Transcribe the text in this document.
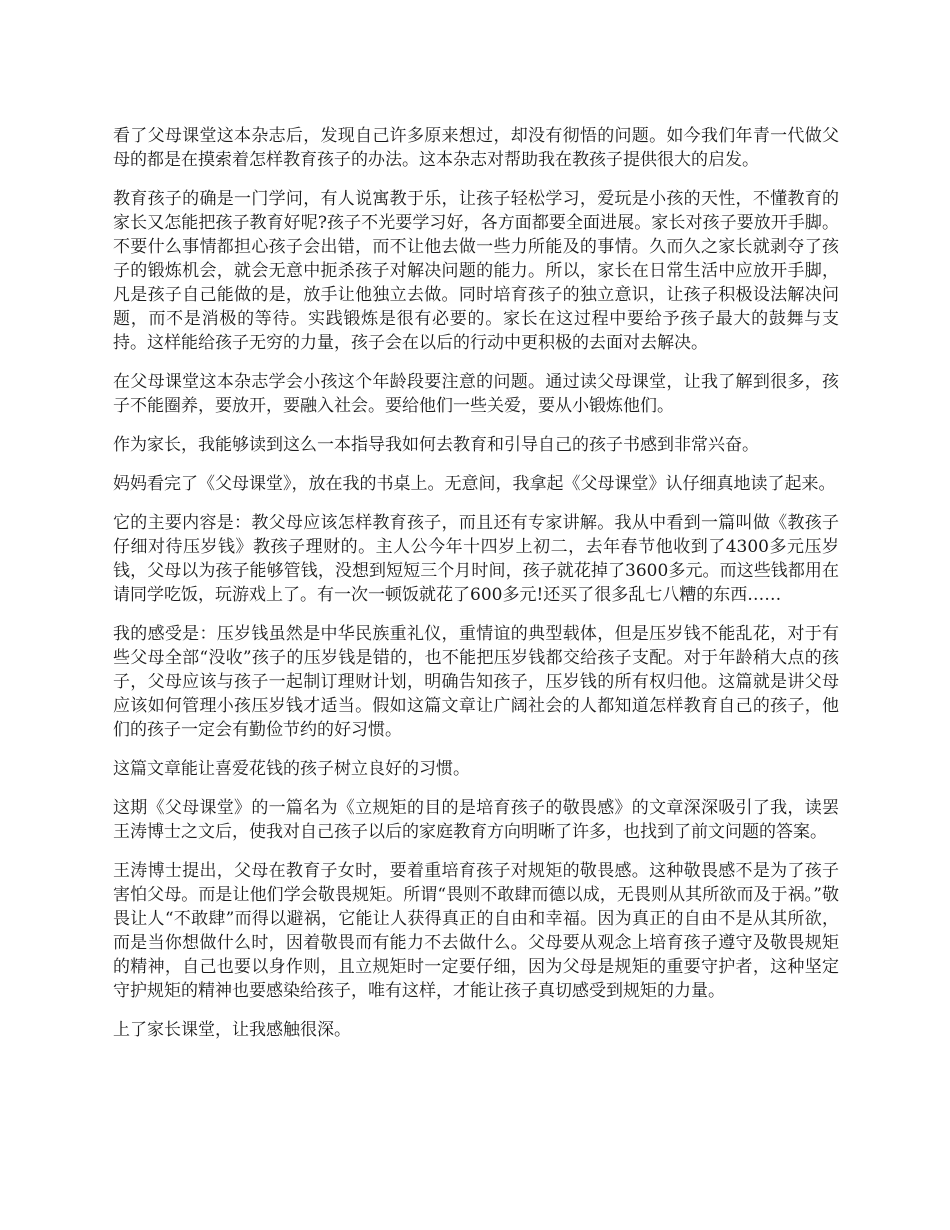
看了父母课堂这本杂志后，发现自己许多原来想过，却没有彻悟的问题。如今我们年青一代做父母的都是在摸索着怎样教育孩子的办法。这本杂志对帮助我在教孩子提供很大的启发。

教育孩子的确是一门学问，有人说寓教于乐，让孩子轻松学习，爱玩是小孩的天性，不懂教育的家长又怎能把孩子教育好呢?孩子不光要学习好，各方面都要全面进展。家长对孩子要放开手脚。不要什么事情都担心孩子会出错，而不让他去做一些力所能及的事情。久而久之家长就剥夺了孩子的锻炼机会，就会无意中扼杀孩子对解决问题的能力。所以，家长在日常生活中应放开手脚，凡是孩子自己能做的是，放手让他独立去做。同时培育孩子的独立意识，让孩子积极设法解决问题，而不是消极的等待。实践锻炼是很有必要的。家长在这过程中要给予孩子最大的鼓舞与支持。这样能给孩子无穷的力量，孩子会在以后的行动中更积极的去面对去解决。

在父母课堂这本杂志学会小孩这个年龄段要注意的问题。通过读父母课堂，让我了解到很多，孩子不能圈养，要放开，要融入社会。要给他们一些关爱，要从小锻炼他们。

作为家长，我能够读到这么一本指导我如何去教育和引导自己的孩子书感到非常兴奋。

妈妈看完了《父母课堂》，放在我的书桌上。无意间，我拿起《父母课堂》认仔细真地读了起来。

它的主要内容是：教父母应该怎样教育孩子，而且还有专家讲解。我从中看到一篇叫做《教孩子仔细对待压岁钱》教孩子理财的。主人公今年十四岁上初二，去年春节他收到了4300多元压岁钱，父母以为孩子能够管钱，没想到短短三个月时间，孩子就花掉了3600多元。而这些钱都用在请同学吃饭，玩游戏上了。有一次一顿饭就花了600多元!还买了很多乱七八糟的东西……

我的感受是：压岁钱虽然是中华民族重礼仪，重情谊的典型载体，但是压岁钱不能乱花，对于有些父母全部“没收”孩子的压岁钱是错的，也不能把压岁钱都交给孩子支配。对于年龄稍大点的孩子，父母应该与孩子一起制订理财计划，明确告知孩子，压岁钱的所有权归他。这篇就是讲父母应该如何管理小孩压岁钱才适当。假如这篇文章让广阔社会的人都知道怎样教育自己的孩子，他们的孩子一定会有勤俭节约的好习惯。

这篇文章能让喜爱花钱的孩子树立良好的习惯。

这期《父母课堂》的一篇名为《立规矩的目的是培育孩子的敬畏感》的文章深深吸引了我，读罢王涛博士之文后，使我对自己孩子以后的家庭教育方向明晰了许多，也找到了前文问题的答案。

王涛博士提出，父母在教育子女时，要着重培育孩子对规矩的敬畏感。这种敬畏感不是为了孩子害怕父母。而是让他们学会敬畏规矩。所谓“畏则不敢肆而德以成，无畏则从其所欲而及于祸。”敬畏让人“不敢肆”而得以避祸，它能让人获得真正的自由和幸福。因为真正的自由不是从其所欲，而是当你想做什么时，因着敬畏而有能力不去做什么。父母要从观念上培育孩子遵守及敬畏规矩的精神，自己也要以身作则，且立规矩时一定要仔细，因为父母是规矩的重要守护者，这种坚定守护规矩的精神也要感染给孩子，唯有这样，才能让孩子真切感受到规矩的力量。

上了家长课堂，让我感触很深。
